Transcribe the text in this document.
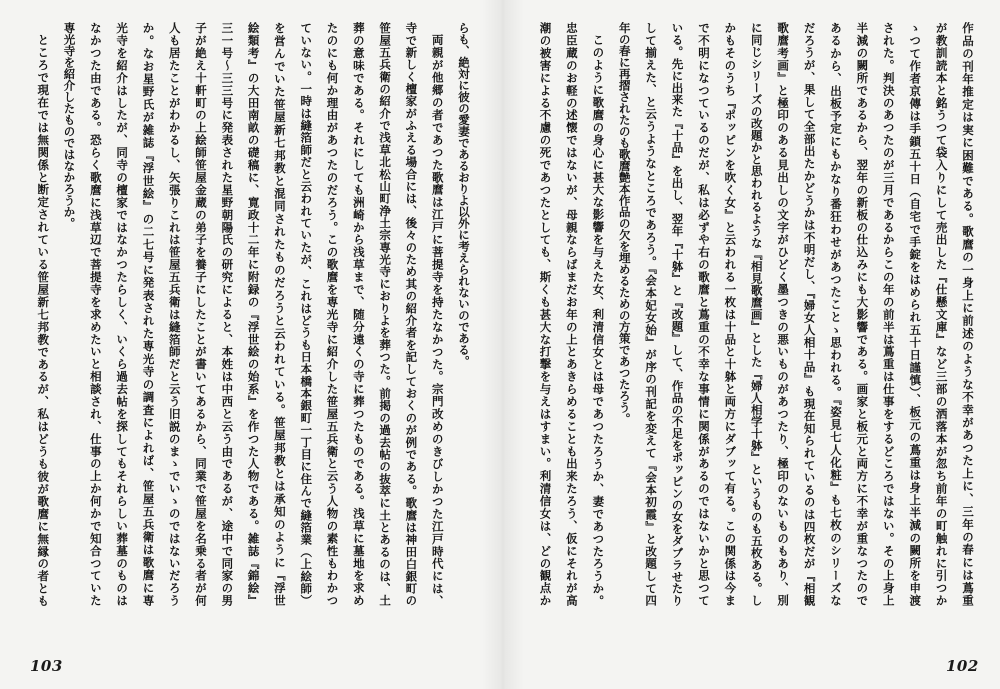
らも、絶対に彼の愛妻であるおりよ以外に考えられないのである。
両親が他郷の者であつた歌麿は江戸に菩提寺を持たなかつた。宗門改めのきびしかつた江戸時代には、
寺で新しく檀家がふえる場合には、後々のため其の紹介者を記しておくのが例である。歌麿は神田白銀町の
笹屋五兵衛の紹介で浅草北松山町浄土宗専光寺におりよを葬つた。前掲の過去帖の抜萃に土とあるのは、土
葬の意味である。それにしても洲崎から浅草まで、随分遠くの寺に葬つたものである。浅草に墓地を求め
たのにも何か理由があつたのだろう。この歌麿を専光寺に紹介した笹屋五兵衛と云う人物の素性もわかつ
ていない。一時は縫箔師だと云われていたが、これはどうも日本橋本銀町一丁目に住んで縫箔業（上絵師）
を営んでいた笹屋新七邦教と混同されたものだろうと云われている。笹屋邦教とは承知のように『浮世
絵類考』の大田南畝の礎稿に、寛政十二年に附録の『浮世絵の始系』を作つた人物である。雑誌『錦絵』
三一号〜三三号に発表された星野朝陽氏の研究によると、本姓は中西と云う由であるが、途中で同家の男
子が絶え十軒町の上絵師笹屋金蔵の弟子を養子にしたことが書いてあるから、同業で笹屋を名乗る者が何
人も居たことがわかるし、矢張りこれは笹屋五兵衛は縫箔師だと云う旧説のまゝでいゝのではないだろう
か。なお星野氏が雑誌『浮世絵』の二七号に発表された専光寺の調査によれば、笹屋五兵衛は歌麿に専
光寺を紹介はしたが、同寺の檀家ではなかつたらしく、いくら過去帖を探してもそれらしい葬墓のものは
なかつた由である。恐らく歌麿に浅草辺で菩提寺を求めたいと相談され、仕事の上か何かで知合つていた
専光寺を紹介したものではなかろうか。
ところで現在では無関係と断定されている笹屋新七邦教であるが、私はどうも彼が歌麿に無縁の者とも
103
作品の刊年推定は実に困難である。歌麿の一身上に前述のような不幸があつた上に、三年の春には蔦重
が教訓読本と銘うつて袋入りにして売出した『仕懸文庫』など三部の洒落本が忽ち前年の町触れに引つか
ゝつて作者京傳は手鎖五十日（自宅で手錠をはめられ五十日謹慎）、板元の蔦重は身上半減の闕所を申渡
された。判決のあつたのが三月であるからこの年の前半は蔦重は仕事をするどころではない。その上身上
半減の闕所であるから、翌年の新板の仕込みにも大影響である。画家と板元と両方に不幸が重なつたので
あるから、出板予定にもかなり番狂わせがあつたことゝ思われる。『姿見七人化粧』も七枚のシリーズな
だろうが、果して全部出たかどうかは不明だし、『婦女人相十品』も現在知られているのは四枚だが『相観
歌麿考画』と極印のある見出しの文字がひどく墨つきの悪いものがあつたり、極印のないものもあり、別
に同じシリーズの改題かと思われるような『相見歌麿画』とした『婦人相学十躰』というものも五枚ある。し
かもそのうち『ポッピンを吹く女』と云われる一枚は十品と十躰と両方にダブッて有る。この関係は今ま
で不明になつているのだが、私は必ずや右の歌麿と蔦重の不幸な事情に関係があるのではないかと思つて
いる。先に出来た『十品』を出し、翌年『十躰』と『改題』して、作品の不足をポッピンの女をダブラせたり
して揃えた、と云うようなところであろう。『会本妃女始』が序の刊記を変えて『会本初霞』と改題して四
年の春に再摺されたのも歌麿艶本作品の欠を埋めるための方策であつたろう。
このように歌麿の身心に甚大な影響を与えた女、利清信女とは母であつたろうか、妻であつたろうか。
忠臣蔵のお軽の述懐ではないが、母親ならばまだお年の上とあきらめることも出来たろう、仮にそれが高
潮の被害による不慮の死であつたとしても、斯くも甚大な打撃を与えはすまい。利清信女は、どの観点か
102
